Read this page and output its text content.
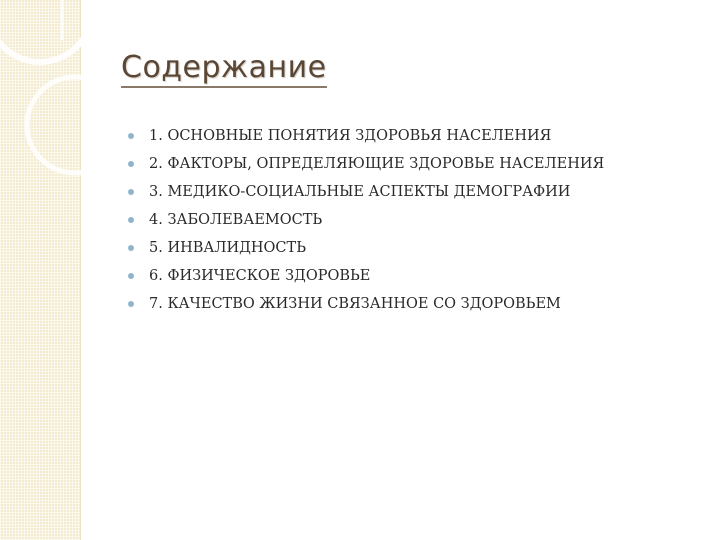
Содержание
1. ОСНОВНЫЕ ПОНЯТИЯ ЗДОРОВЬЯ НАСЕЛЕНИЯ
2. ФАКТОРЫ, ОПРЕДЕЛЯЮЩИЕ ЗДОРОВЬЕ НАСЕЛЕНИЯ
3. МЕДИКО-СОЦИАЛЬНЫЕ АСПЕКТЫ ДЕМОГРАФИИ
4. ЗАБОЛЕВАЕМОСТЬ
5. ИНВАЛИДНОСТЬ
6. ФИЗИЧЕСКОЕ ЗДОРОВЬЕ
7. КАЧЕСТВО ЖИЗНИ СВЯЗАННОЕ СО ЗДОРОВЬЕМ
